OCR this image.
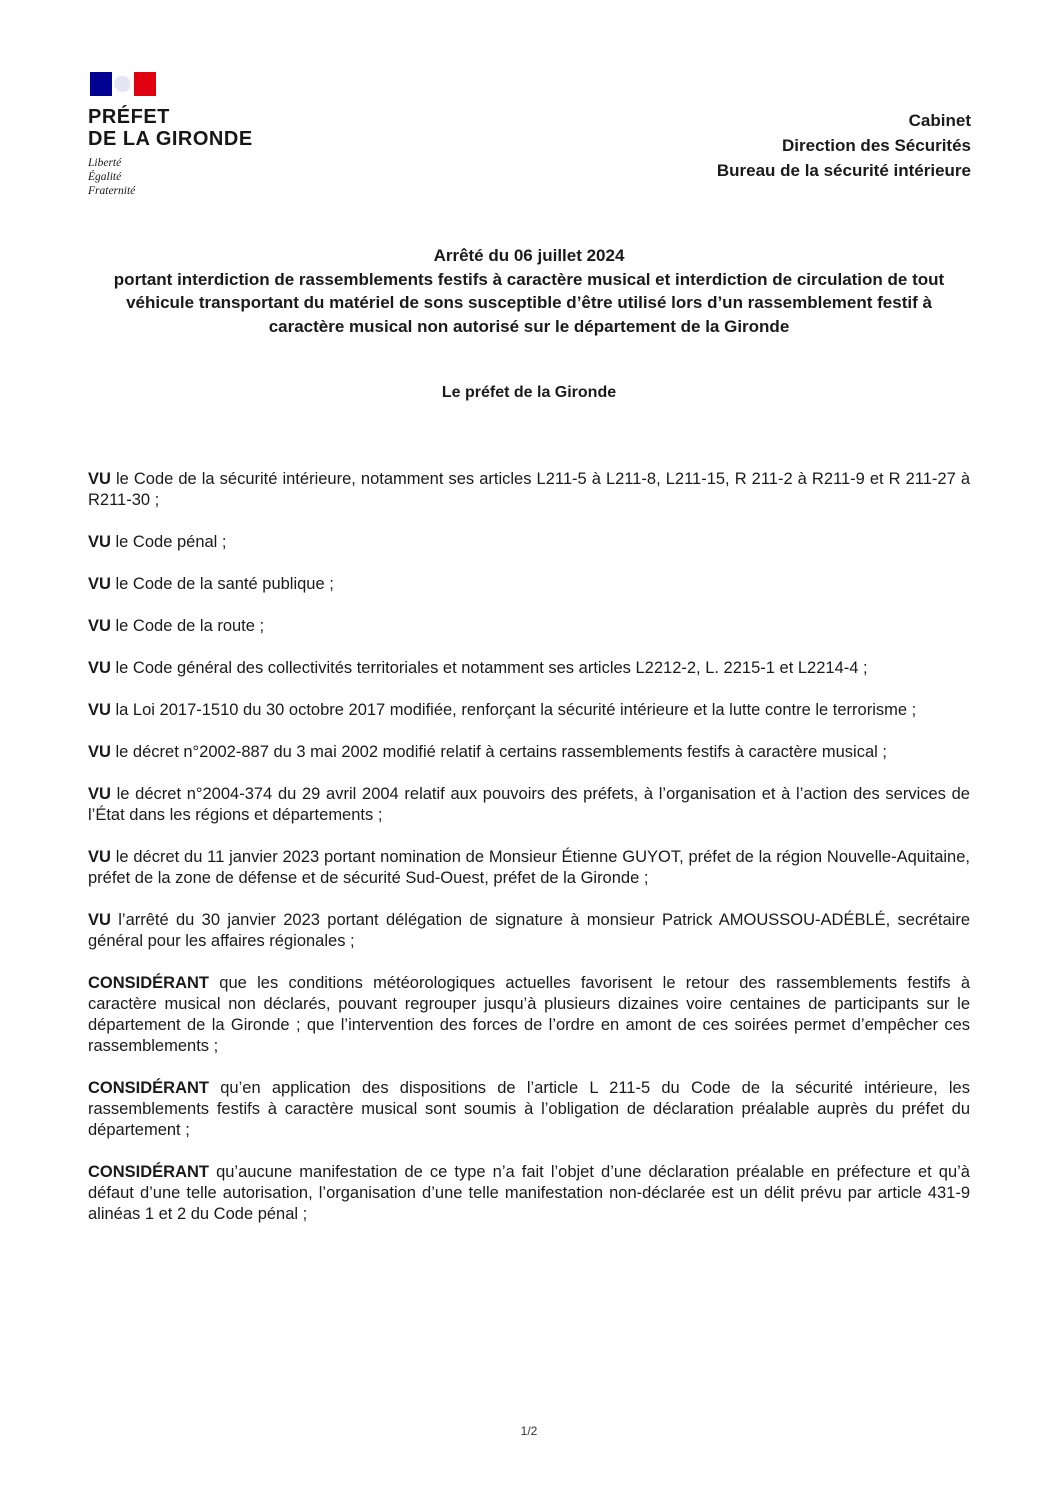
PRÉFET
DE LA GIRONDE
Liberté
Égalité
Fraternité
Cabinet
Direction des Sécurités
Bureau de la sécurité intérieure
Arrêté du 06 juillet 2024
portant interdiction de rassemblements festifs à caractère musical et interdiction de circulation de tout véhicule transportant du matériel de sons susceptible d’être utilisé lors d’un rassemblement festif à caractère musical non autorisé sur le département de la Gironde
Le préfet de la Gironde

VU le Code de la sécurité intérieure, notamment ses articles L211-5 à L211-8, L211-15, R 211-2 à R211-9 et R 211-27 à R211-30 ;

VU le Code pénal ;

VU le Code de la santé publique ;

VU le Code de la route ;

VU le Code général des collectivités territoriales et notamment ses articles L2212-2, L. 2215-1 et L2214-4 ;

VU la Loi 2017-1510 du 30 octobre 2017 modifiée, renforçant la sécurité intérieure et la lutte contre le terrorisme ;

VU le décret n°2002-887 du 3 mai 2002 modifié relatif à certains rassemblements festifs à caractère musical ;

VU le décret n°2004-374 du 29 avril 2004 relatif aux pouvoirs des préfets, à l’organisation et à l’action des services de l’État dans les régions et départements ;

VU le décret du 11 janvier 2023 portant nomination de Monsieur Étienne GUYOT, préfet de la région Nouvelle-Aquitaine, préfet de la zone de défense et de sécurité Sud-Ouest, préfet de la Gironde ;

VU l’arrêté du 30 janvier 2023 portant délégation de signature à monsieur Patrick AMOUSSOU-ADÉBLÉ, secrétaire général pour les affaires régionales ;

CONSIDÉRANT que les conditions météorologiques actuelles favorisent le retour des rassemblements festifs à caractère musical non déclarés, pouvant regrouper jusqu’à plusieurs dizaines voire centaines de participants sur le département de la Gironde ; que l’intervention des forces de l’ordre en amont de ces soirées permet d’empêcher ces rassemblements ;

CONSIDÉRANT qu’en application des dispositions de l’article L 211-5 du Code de la sécurité intérieure, les rassemblements festifs à caractère musical sont soumis à l’obligation de déclaration préalable auprès du préfet du département ;

CONSIDÉRANT qu’aucune manifestation de ce type n’a fait l’objet d’une déclaration préalable en préfecture et qu’à défaut d’une telle autorisation, l’organisation d’une telle manifestation non-déclarée est un délit prévu par article 431-9 alinéas 1 et 2 du Code pénal ;

1/2
